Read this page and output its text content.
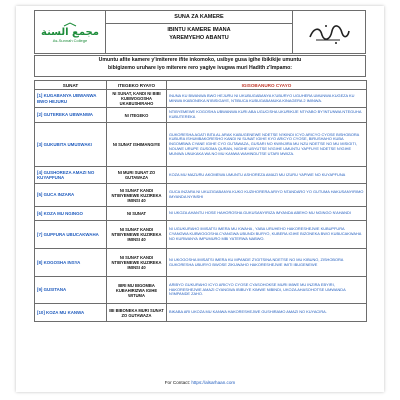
مجمع السنة
As-Sunnah College
SUNA ZA KAMERE
IBINTU KAMERE IMANA
YAREMYEHO ABANTU
Umuntu afite kamere y'imiterere ifite inkomoko, usibye gusa igihe ibikikije umuntu
bibigizemo uruhare iyo miterere rero yagiye ivugwa muri Hadith z'Impamo:
SUNAT	ITEGEKO RYAYO	IGISOBANURO CYAYO
[1] KUGABANYA UBWANWA BWO HEJURU	NI SUNAT, KANDI NI BIBI KUBWOGOSHA UKABUSHIRAHO	INUNA KU BWANWA BWO HEJURU NI UKUBUGABANYA K'UBURYO UGUHERA UMUNWA KUGEZA KU MINWA IKABONEKA N'IBISIGAYE, NTIBUCA KUBUGABANUKA KINAGERA 2 IMINWA.
[2] GUTEREKA UBWANWA	NI ITEGEKO	NTIBYEMEWE KOGOSHA UBWANWA KURI ABA UGUCISHA UKURIKIJE NTIYABO BY'INTUNWA NTEGUHA KUBUTEREKA
[3] GUKUBITA UMUSWAKI	NI SUNAT ISHIMANGIYE	GUKORESHA AGATI BITA AL ARAK KABUGENEWE NDETSE N'IKINDI ICYO ARICYO CYOSE BISHOBORA KUBURA ISHUMBAKORESHO KANDI NI SUNAT IGIHE KYO ARICYO CYOSE, BIRUSHAHO KUBA INGOMBWA CYANE IGIHE CYO GUTAWAZA, GUSARI NO KWINJIRA MU NZU NDETSE NO MU MISIGITI, NOUWE URUPE GUSOMA QURAN, NIGIHE UBYUTSE N'IGIHE UMUNTU YAPFUYE NDETSE N'IGIHE MUNWA UNUKAKA WA NO MU KANWA WAHINDUTSE UTARI MWIZA.
[4] GUSHOREZA AMAZI NO KUYAPFUNA	NI MURI SUNAT ZO GUTAWAZA	KOZA MU MAZURU AKOMEWA UMUNTU ASHOREZA AMAZI MU IZURU YAPIWE NO KUYAPFUNA
[5] GUCA INZARA	NI SUNAT KANDI NTIBYEMEWE KUZIREKA IMINSI 40	GUCA INZARA NI UKUZIGABANYA KUKO KUZIHORERA ARIYO NTANDARO YO GUTUMA HAKUSANYIRIMO IMYANDA NYINSHI
[6] KOZA MU NGINGO	NI SUNAT	NI UKOZA AHANTU HOSE HAHOROSHA GUKUSANYIRIZA IMYANDA ABEHO MU NGINGO N'AHANDI
[7] GUPFURA UBUCAKWAHA	NI SUNAT KANDI NTIBYEMEWE KUZIREKA IMINSI 40	NI UGUKURAHO IMISATSI IMERA MU KWAHA , YABA URUHEHO HAKORESHEJWE KUBUPFURA CYANGWA KUBWOGOSHA CYANGWA UBUNDI BURYO, KUBERA IGIHE BIZONEKA BWO KUBUCAKWAHA NO KURWANYA IMPUMURO MBI YATERWA NABWO.
[8] KOGOSHA INSYA	NI SUNAT KANDI NTIBYEMEWE KUZIREKA IMINSI 40	NI UKOGOSHA IMISATSI IMERA KU MPANDE Z'IGITSINA NDETSE NO MU KIBUNO, ZISHOBORA GUKORESHA UBURYO BWOSE ZIKUWAHO HAKORESHEJWE IMITI IBUGENEWE
[9] GUSITANA	BIRI MU BIGOMBA KUBAHIRIZWA IGIHE WITUMA	ARIBYO GUKURAHO ICYO ARICYO CYOSE CYASOHOKSE MURI IMWE MU INZIRA EBYIRI, HAKORESHEJWE AMAZI CYANGWA IBIBUYE KIMWE NIBINDI, UKOZA AHASOHOTSE UMWANDA N'IMPANDE ZAHO.
[10] KOZA MU KANWA	IBI BIBONEKA MURI SUNAT ZO GUTAWAZA	BIKABA ARI UKOZA MU KANWA HAKORESHEJWE GUSHIRAMO AMAZI NO KUYACIRA.
For Contact: https://alsarhaan.com
